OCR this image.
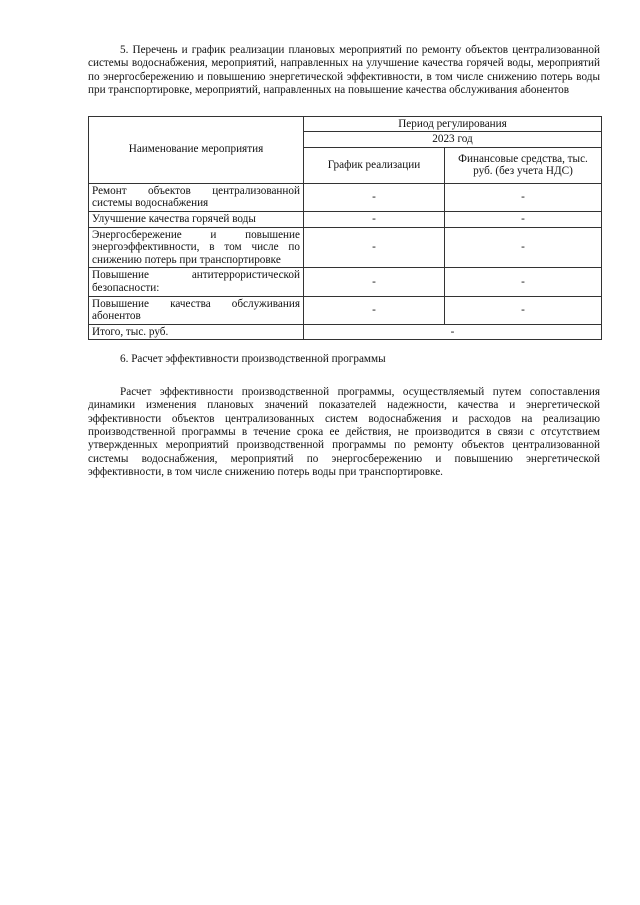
5. Перечень и график реализации плановых мероприятий по ремонту объектов централизованной системы водоснабжения, мероприятий, направленных на улучшение качества горячей воды, мероприятий по энергосбережению и повышению энергетической эффективности, в том числе снижению потерь воды при транспортировке, мероприятий, направленных на повышение качества обслуживания абонентов

Наименование мероприятия	Период регулирования	
	2023 год	
	График реализации	Финансовые средства, тыс. руб. (без учета НДС)
Ремонт объектов централизованной системы водоснабжения	-	-
Улучшение качества горячей воды	-	-
Энергосбережение и повышение энергоэффективности, в том числе по снижению потерь при транспортировке	-	-
Повышение антитеррористической безопасности:	-	-
Повышение качества обслуживания абонентов	-	-
Итого, тыс. руб.	-	

6. Расчет эффективности производственной программы

Расчет эффективности производственной программы, осуществляемый путем сопоставления динамики изменения плановых значений показателей надежности, качества и энергетической эффективности объектов централизованных систем водоснабжения и расходов на реализацию производственной программы в течение срока ее действия, не производится в связи с отсутствием утвержденных мероприятий производственной программы по ремонту объектов централизованной системы водоснабжения, мероприятий по энергосбережению и повышению энергетической эффективности, в том числе снижению потерь воды при транспортировке.
